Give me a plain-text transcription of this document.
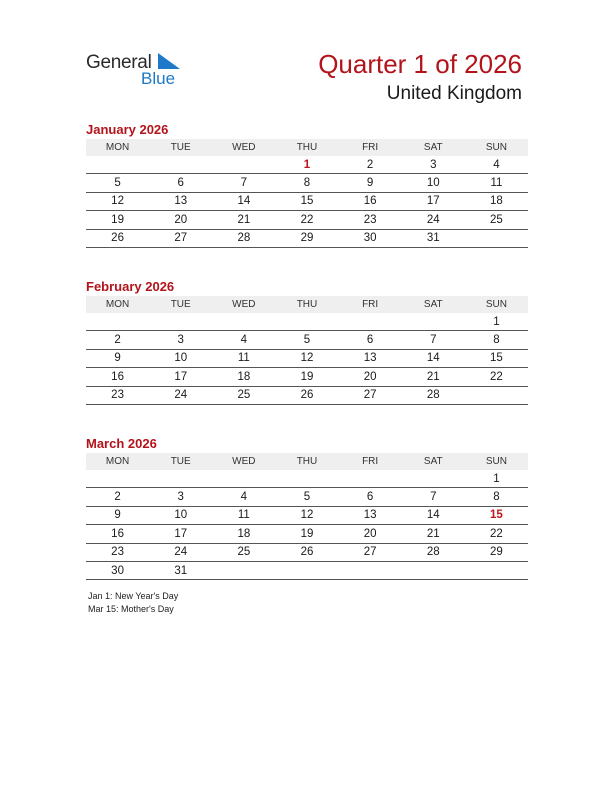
General
Blue	Quarter 1 of 2026
United Kingdom
January 2026
MON	TUE	WED	THU	FRI	SAT	SUN
			1	2	3	4
5	6	7	8	9	10	11
12	13	14	15	16	17	18
19	20	21	22	23	24	25
26	27	28	29	30	31	
February 2026
MON	TUE	WED	THU	FRI	SAT	SUN
						1
2	3	4	5	6	7	8
9	10	11	12	13	14	15
16	17	18	19	20	21	22
23	24	25	26	27	28	
March 2026
MON	TUE	WED	THU	FRI	SAT	SUN
						1
2	3	4	5	6	7	8
9	10	11	12	13	14	15
16	17	18	19	20	21	22
23	24	25	26	27	28	29
30	31					
Jan 1: New Year's Day
Mar 15: Mother's Day
